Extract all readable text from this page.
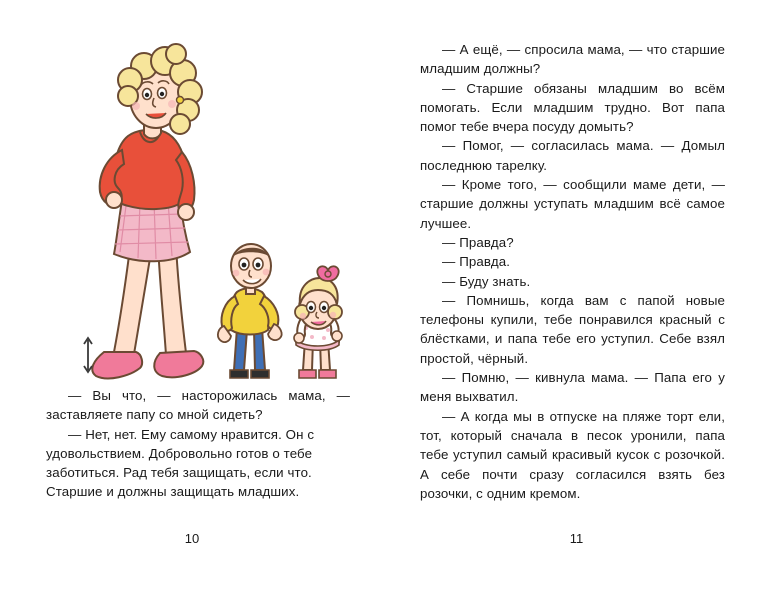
— Вы что, — насторожилась мама, — заставляете папу со мной сидеть?

— Нет, нет. Ему самому нравится. Он с удовольствием. Добровольно готов о тебе заботиться. Рад тебя защищать, если что. Старшие и должны защищать младших.

10

— А ещё, — спросила мама, — что старшие младшим должны?

— Старшие обязаны младшим во всём помогать. Если младшим трудно. Вот папа помог тебе вчера посуду домыть?

— Помог, — согласилась мама. — Домыл последнюю тарелку.

— Кроме того, — сообщили маме дети, — старшие должны уступать младшим всё самое лучшее.

— Правда?

— Правда.

— Буду знать.

— Помнишь, когда вам с папой новые телефоны купили, тебе понравился красный с блёстками, и папа тебе его уступил. Себе взял простой, чёрный.

— Помню, — кивнула мама. — Папа его у меня выхватил.

— А когда мы в отпуске на пляже торт ели, тот, который сначала в песок уронили, папа тебе уступил самый красивый кусок с розочкой. А себе почти сразу согласился взять без розочки, с одним кремом.

11
